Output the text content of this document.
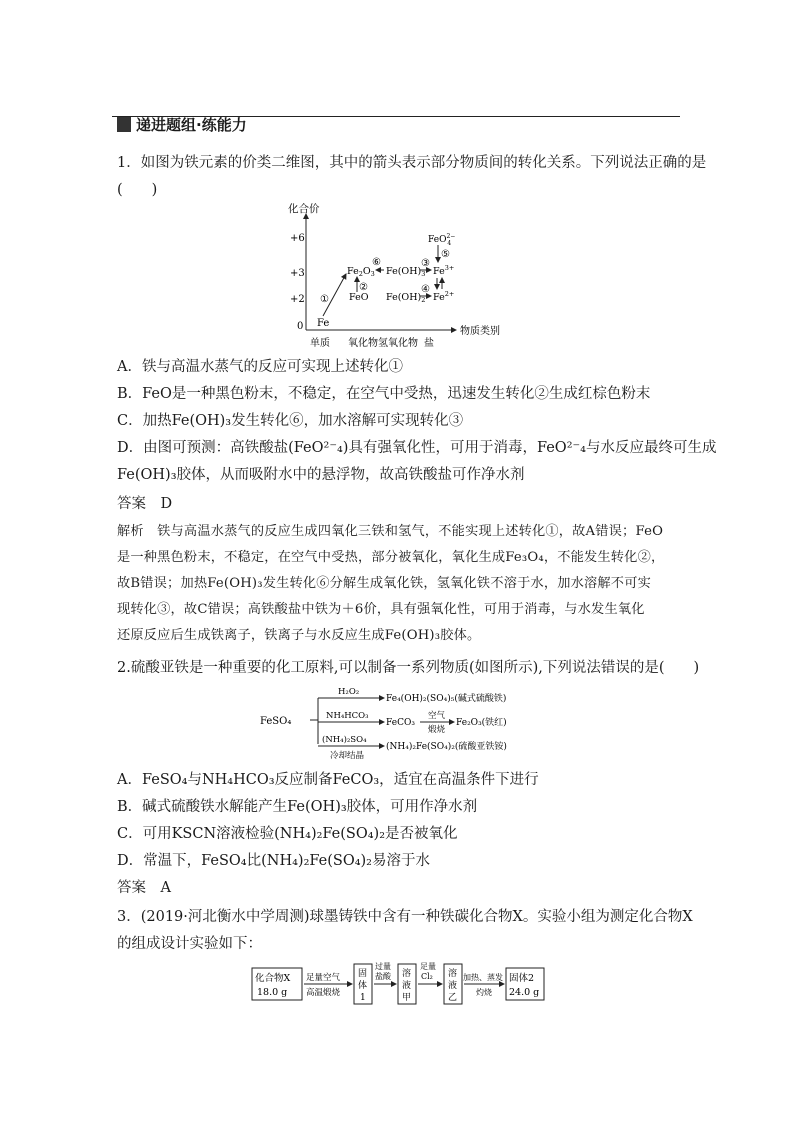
递进题组·练能力
1．如图为铁元素的价类二维图，其中的箭头表示部分物质间的转化关系。下列说法正确的是
(　　)
化合价
物质类别
+6
+3
+2
0
单质 氧化物 氢氧化物 盐
Fe
FeO$^{2-}$ 4
$Fe_2O_3$ $Fe(OH)_3$ $Fe^{3+}$
FeO $Fe(OH)_2$ $Fe^{2+}$
①
②
⑥	③
④
⑤
A．铁与高温水蒸气的反应可实现上述转化①
B．FeO是一种黑色粉末，不稳定，在空气中受热，迅速发生转化②生成红棕色粉末
C．加热Fe(OH)₃发生转化⑥，加水溶解可实现转化③
D．由图可预测：高铁酸盐(FeO²⁻₄)具有强氧化性，可用于消毒，FeO²⁻₄与水反应最终可生成
Fe(OH)₃胶体，从而吸附水中的悬浮物，故高铁酸盐可作净水剂
答案　D
解析　铁与高温水蒸气的反应生成四氧化三铁和氢气，不能实现上述转化①，故A错误；FeO
是一种黑色粉末，不稳定，在空气中受热，部分被氧化，氧化生成Fe₃O₄，不能发生转化②，
故B错误；加热Fe(OH)₃发生转化⑥分解生成氧化铁，氢氧化铁不溶于水，加水溶解不可实
现转化③，故C错误；高铁酸盐中铁为＋6价，具有强氧化性，可用于消毒，与水发生氧化
还原反应后生成铁离子，铁离子与水反应生成Fe(OH)₃胶体。
2.硫酸亚铁是一种重要的化工原料,可以制备一系列物质(如图所示),下列说法错误的是(　　)
FeSO₄
H₂O₂
Fe₄(OH)₂(SO₄)₅(碱式硫酸铁)
NH₄HCO₃
FeCO₃
空气
煅烧
Fe₂O₃(铁红)
(NH₄)₂SO₄
冷却结晶
(NH₄)₂Fe(SO₄)₂(硫酸亚铁铵)
A．FeSO₄与NH₄HCO₃反应制备FeCO₃，适宜在高温条件下进行
B．碱式硫酸铁水解能产生Fe(OH)₃胶体，可用作净水剂
C．可用KSCN溶液检验(NH₄)₂Fe(SO₄)₂是否被氧化
D．常温下，FeSO₄比(NH₄)₂Fe(SO₄)₂易溶于水
答案　A
3．(2019·河北衡水中学周测)球墨铸铁中含有一种铁碳化合物X。实验小组为测定化合物X
的组成设计实验如下：
化合物X
18.0 g
足量空气
高温煅烧
固
体
1
过量
盐酸 溶
液
甲
足量
Cl₂ 溶
液
乙
加热、蒸发
灼烧
固体2
24.0 g
